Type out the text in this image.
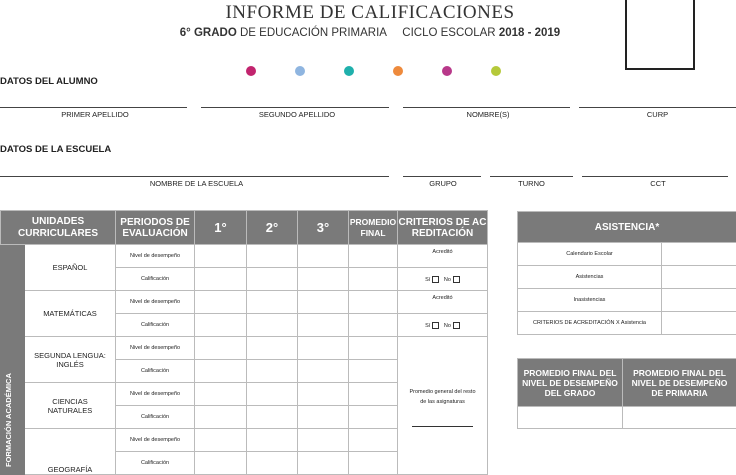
INFORME DE CALIFICACIONES
6° GRADO DE EDUCACIÓN PRIMARIA CICLO ESCOLAR 2018 - 2019
DATOS DEL ALUMNO
PRIMER APELLIDO	SEGUNDO APELLIDO	NOMBRE(S)	CURP
DATOS DE LA ESCUELA
NOMBRE DE LA ESCUELA	GRUPO	TURNO	CCT
UNIDADES CURRICULARES		PERIODOS DE EVALUACIÓN	1°	2°	3°	PROMEDIO FINAL	CRITERIOS DE ACREDITACIÓN

FORMACIÓN ACADÉMICA	ESPAÑOL	Nivel de desempeño					Acreditó
		Calificación					Sí No
	MATEMÁTICAS	Nivel de desempeño					Acreditó
		Calificación					Sí No
	SEGUNDA LENGUA: INGLÉS	Nivel de desempeño					Promedio general del resto de las asignaturas

		Calificación					
	CIENCIAS NATURALES	Nivel de desempeño					
		Calificación					
	GEOGRAFÍA	Nivel de desempeño					
		Calificación					
ASISTENCIA*	
Calendario Escolar	
Asistencias	
Inasistencias	
CRITERIOS DE ACREDITACIÓN X Asistencia	
PROMEDIO FINAL DEL NIVEL DE DESEMPEÑO DEL GRADO	PROMEDIO FINAL DEL NIVEL DE DESEMPEÑO DE PRIMARIA
